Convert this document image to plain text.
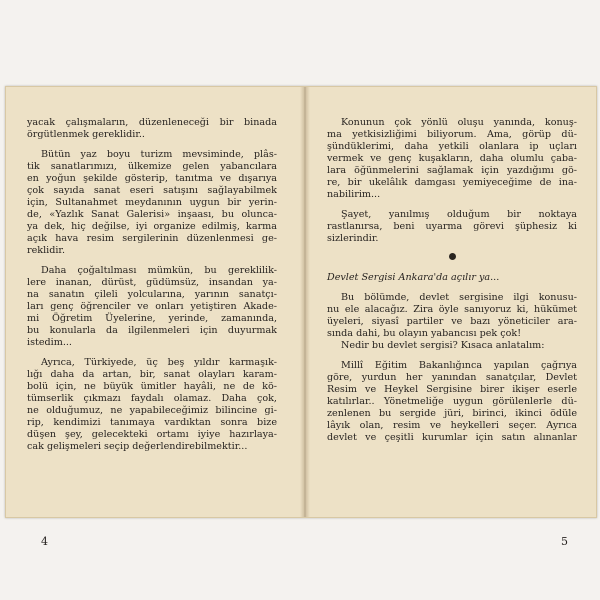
yacak çalışmaların, düzenleneceği bir binada
örgütlenmek gereklidir..

Bütün yaz boyu turizm mevsiminde, plâs-
tik sanatlarımızı, ülkemize gelen yabancılara
en yoğun şekilde gösterip, tanıtma ve dışarıya
çok sayıda sanat eseri satışını sağlayabilmek
için, Sultanahmet meydanının uygun bir yerin-
de, «Yazlık Sanat Galerisi» inşaası, bu olunca-
ya dek, hiç değilse, iyi organize edilmiş, karma
açık hava resim sergilerinin düzenlenmesi ge-
reklidir.

Daha çoğaltılması mümkün, bu gereklilik-
lere inanan, dürüst, güdümsüz, insandan ya-
na sanatın çileli yolcularına, yarının sanatçı-
ları genç öğrenciler ve onları yetiştiren Akade-
mi Öğretim Üyelerine, yerinde, zamanında,
bu konularla da ilgilenmeleri için duyurmak
istedim...

Ayrıca, Türkiyede, üç beş yıldır karmaşık-
lığı daha da artan, bir, sanat olayları karam-
bolü için, ne büyük ümitler hayâli, ne de kö-
tümserlik çıkmazı faydalı olamaz. Daha çok,
ne olduğumuz, ne yapabileceğimiz bilincine gi-
rip, kendimizi tanımaya vardıktan sonra bize
düşen şey, gelecekteki ortamı iyiye hazırlaya-
cak gelişmeleri seçip değerlendirebilmektir...

Konunun çok yönlü oluşu yanında, konuş-
ma yetkisizliğimi biliyorum. Ama, görüp dü-
şündüklerimi, daha yetkili olanlara ip uçları
vermek ve genç kuşakların, daha olumlu çaba-
lara öğünmelerini sağlamak için yazdığımı gö-
re, bir ukelâlık damgası yemiyeceğime de ina-
nabilirim...

Şayet, yanılmış olduğum bir noktaya
rastlanırsa, beni uyarma görevi şüphesiz ki
sizlerindir.

Devlet Sergisi Ankara'da açılır ya...

Bu bölümde, devlet sergisine ilgi konusu-
nu ele alacağız. Zira öyle sanıyoruz ki, hükümet
üyeleri, siyasî partiler ve bazı yöneticiler ara-
sında dahi, bu olayın yabancısı pek çok!

Nedir bu devlet sergisi? Kısaca anlatalım:

Millî Eğitim Bakanlığınca yapılan çağrıya
göre, yurdun her yanından sanatçılar, Devlet
Resim ve Heykel Sergisine birer ikişer eserle
katılırlar.. Yönetmeliğe uygun görülenlerle dü-
zenlenen bu sergide jüri, birinci, ikinci ödüle
lâyık olan, resim ve heykelleri seçer. Ayrıca
devlet ve çeşitli kurumlar için satın alınanlar

4	5
